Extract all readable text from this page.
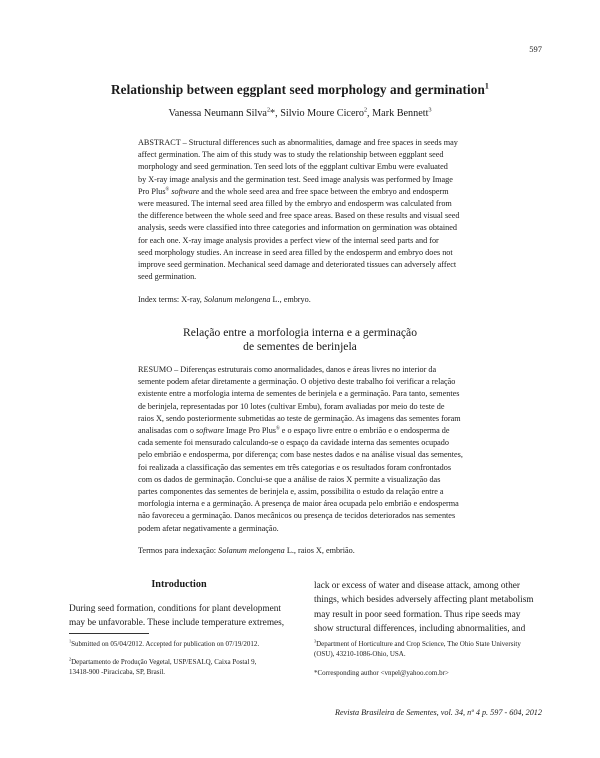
597
Relationship between eggplant seed morphology and germination$^1$
Vanessa Neumann Silva$^2$*, Silvio Moure Cicero$^2$, Mark Bennett$^3$
ABSTRACT – Structural differences such as abnormalities, damage and free spaces in seeds may
affect germination. The aim of this study was to study the relationship between eggplant seed
morphology and seed germination. Ten seed lots of the eggplant cultivar Embu were evaluated
by X-ray image analysis and the germination test. Seed image analysis was performed by Image
Pro Plus® software and the whole seed area and free space between the embryo and endosperm
were measured. The internal seed area filled by the embryo and endosperm was calculated from
the difference between the whole seed and free space areas. Based on these results and visual seed
analysis, seeds were classified into three categories and information on germination was obtained
for each one. X-ray image analysis provides a perfect view of the internal seed parts and for
seed morphology studies. An increase in seed area filled by the endosperm and embryo does not
improve seed germination. Mechanical seed damage and deteriorated tissues can adversely affect
seed germination.
Index terms: X-ray, Solanum melongena L., embryo.
Relação entre a morfologia interna e a germinação
de sementes de berinjela
RESUMO – Diferenças estruturais como anormalidades, danos e áreas livres no interior da
semente podem afetar diretamente a germinação. O objetivo deste trabalho foi verificar a relação
existente entre a morfologia interna de sementes de berinjela e a germinação. Para tanto, sementes
de berinjela, representadas por 10 lotes (cultivar Embu), foram avaliadas por meio do teste de
raios X, sendo posteriormente submetidas ao teste de germinação. As imagens das sementes foram
analisadas com o software Image Pro Plus® e o espaço livre entre o embrião e o endosperma de
cada semente foi mensurado calculando-se o espaço da cavidade interna das sementes ocupado
pelo embrião e endosperma, por diferença; com base nestes dados e na análise visual das sementes,
foi realizada a classificação das sementes em três categorias e os resultados foram confrontados
com os dados de germinação. Conclui-se que a análise de raios X permite a visualização das
partes componentes das sementes de berinjela e, assim, possibilita o estudo da relação entre a
morfologia interna e a germinação. A presença de maior área ocupada pelo embrião e endosperma
não favoreceu a germinação. Danos mecânicos ou presença de tecidos deteriorados nas sementes
podem afetar negativamente a germinação.
Termos para indexação: Solanum melongena L., raios X, embrião.
Introduction
During seed formation, conditions for plant development
may be unfavorable. These include temperature extremes,
lack or excess of water and disease attack, among other
things, which besides adversely affecting plant metabolism
may result in poor seed formation. Thus ripe seeds may
show structural differences, including abnormalities, and
$^1$Submitted on 05/04/2012. Accepted for publication on 07/19/2012.
$^2$Departamento de Produção Vegetal, USP/ESALQ, Caixa Postal 9,
13418-900 -Piracicaba, SP, Brasil.
$^3$Department of Horticulture and Crop Science, The Ohio State University
(OSU), 43210-1086-Ohio, USA.
*Corresponding author <vnpel@yahoo.com.br>
Revista Brasileira de Sementes, vol. 34, nº 4 p. 597 - 604, 2012
